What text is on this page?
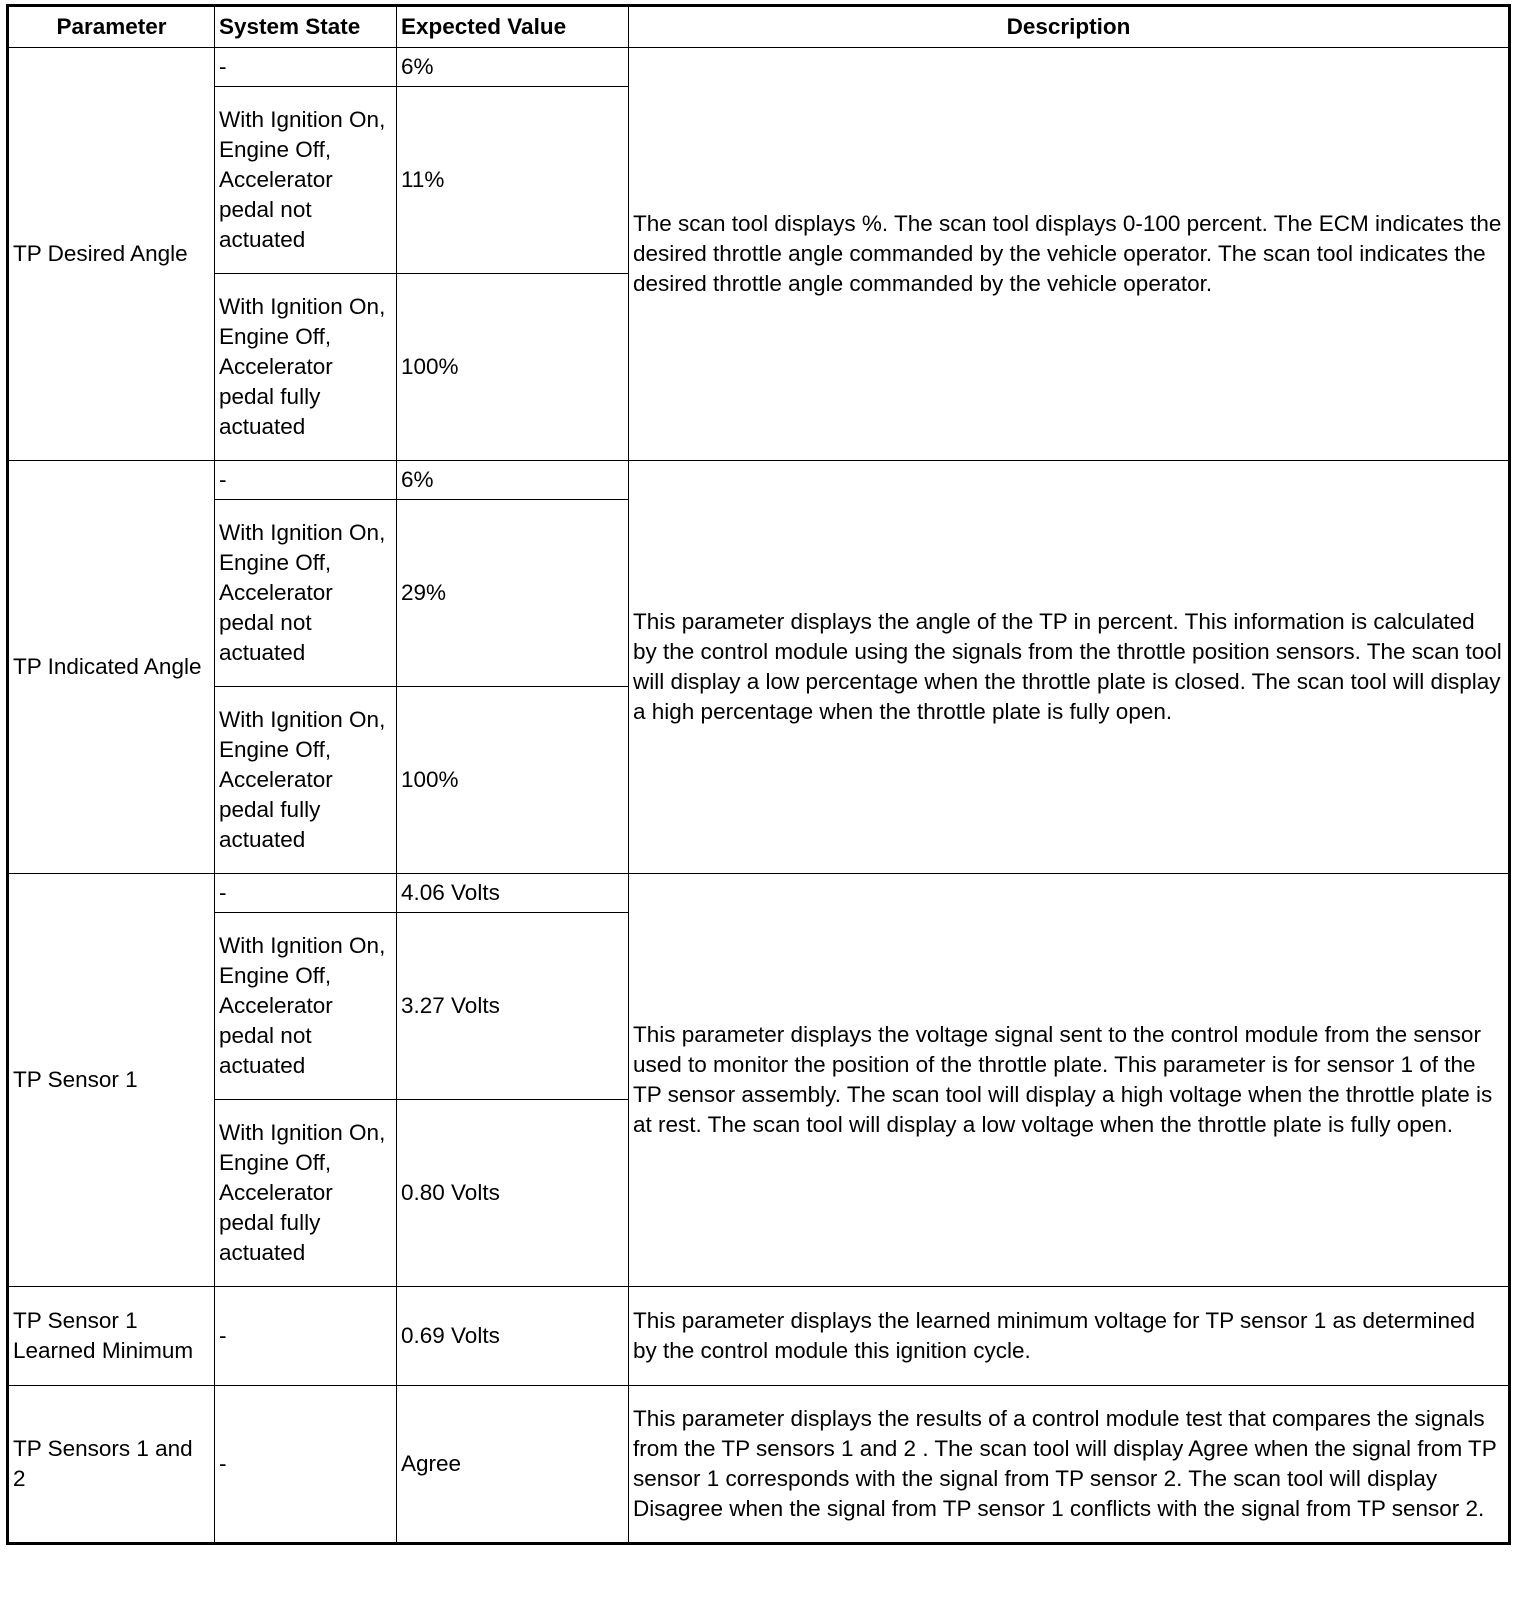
Parameter	System State	Expected Value	Description
TP Desired Angle	-	6%	The scan tool displays %. The scan tool displays 0-100 percent. The ECM indicates the desired throttle angle commanded by the vehicle operator. The scan tool indicates the desired throttle angle commanded by the vehicle operator.
	With Ignition On, Engine Off, Accelerator pedal not actuated	11%	
	With Ignition On, Engine Off, Accelerator pedal fully actuated	100%	
TP Indicated Angle	-	6%	This parameter displays the angle of the TP in percent. This information is calculated by the control module using the signals from the throttle position sensors. The scan tool will display a low percentage when the throttle plate is closed. The scan tool will display a high percentage when the throttle plate is fully open.
	With Ignition On, Engine Off, Accelerator pedal not actuated	29%	
	With Ignition On, Engine Off, Accelerator pedal fully actuated	100%	
TP Sensor 1	-	4.06 Volts	This parameter displays the voltage signal sent to the control module from the sensor used to monitor the position of the throttle plate. This parameter is for sensor 1 of the TP sensor assembly. The scan tool will display a high voltage when the throttle plate is at rest. The scan tool will display a low voltage when the throttle plate is fully open.
	With Ignition On, Engine Off, Accelerator pedal not actuated	3.27 Volts	
	With Ignition On, Engine Off, Accelerator pedal fully actuated	0.80 Volts	
TP Sensor 1 Learned Minimum	-	0.69 Volts	This parameter displays the learned minimum voltage for TP sensor 1 as determined by the control module this ignition cycle.
TP Sensors 1 and 2	-	Agree	This parameter displays the results of a control module test that compares the signals from the TP sensors 1 and 2 . The scan tool will display Agree when the signal from TP sensor 1 corresponds with the signal from TP sensor 2. The scan tool will display Disagree when the signal from TP sensor 1 conflicts with the signal from TP sensor 2.
